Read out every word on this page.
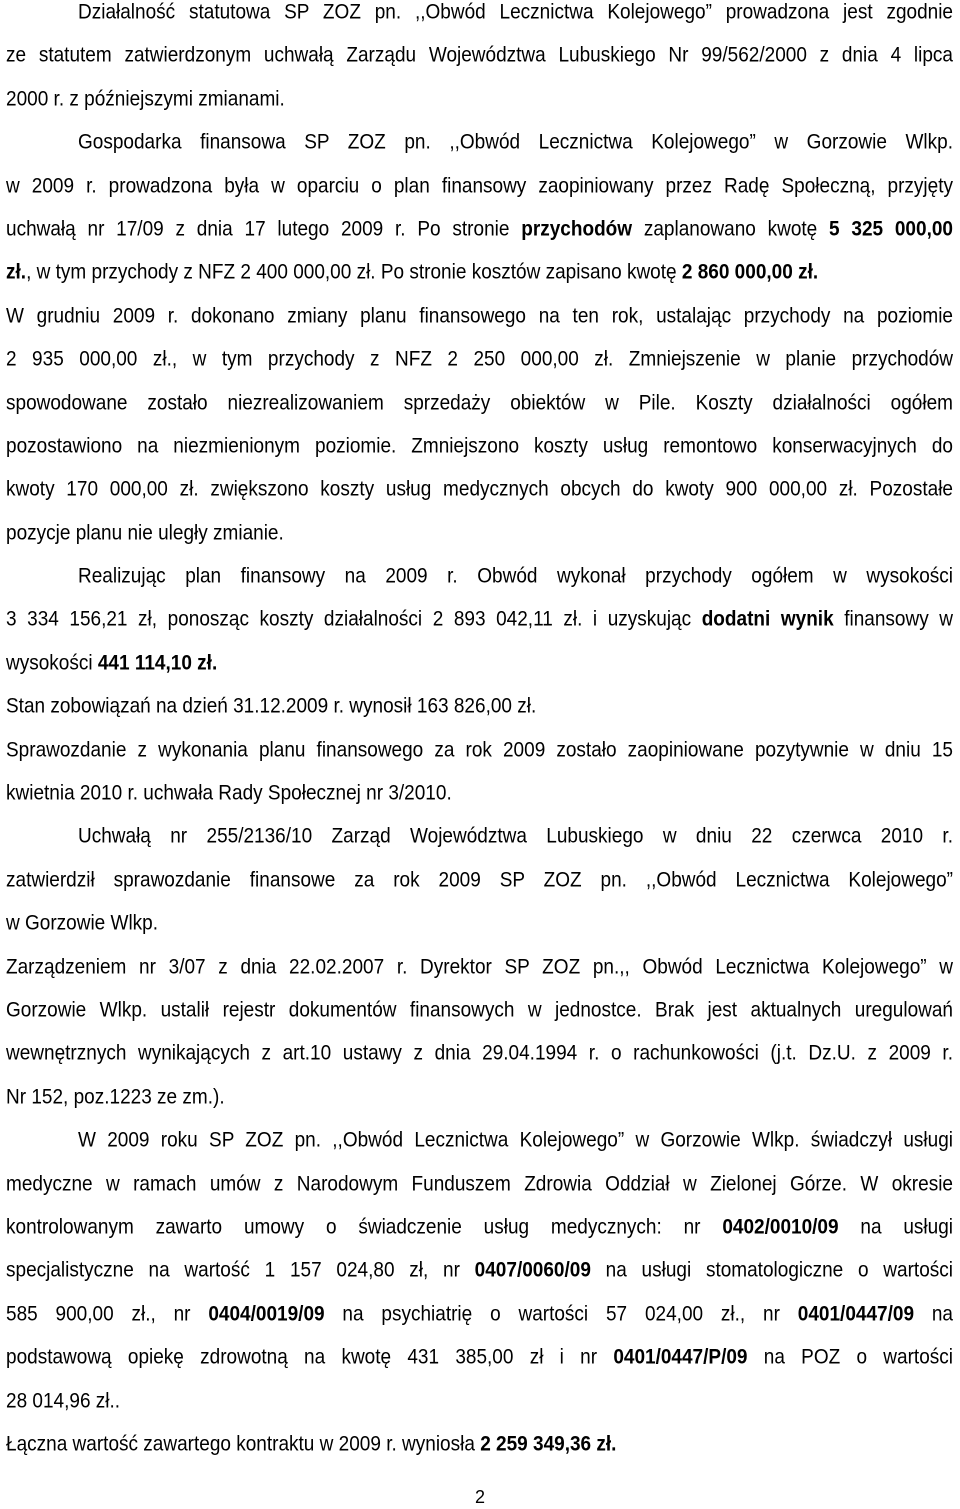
Działalność statutowa SP ZOZ pn. ,,Obwód Lecznictwa Kolejowego” prowadzona jest zgodnie
ze statutem zatwierdzonym uchwałą Zarządu Województwa Lubuskiego Nr 99/562/2000 z dnia 4 lipca
2000 r. z późniejszymi zmianami.
Gospodarka finansowa SP ZOZ pn. ,,Obwód Lecznictwa Kolejowego” w Gorzowie Wlkp.
w 2009 r. prowadzona była w oparciu o plan finansowy zaopiniowany przez Radę Społeczną, przyjęty
uchwałą nr 17/09 z dnia 17 lutego 2009 r. Po stronie przychodów zaplanowano kwotę 5 325 000,00
zł., w tym przychody z NFZ 2 400 000,00 zł. Po stronie kosztów zapisano kwotę 2 860 000,00 zł.
W grudniu 2009 r. dokonano zmiany planu finansowego na ten rok, ustalając przychody na poziomie
2 935 000,00 zł., w tym przychody z NFZ 2 250 000,00 zł. Zmniejszenie w planie przychodów
spowodowane zostało niezrealizowaniem sprzedaży obiektów w Pile. Koszty działalności ogółem
pozostawiono na niezmienionym poziomie. Zmniejszono koszty usług remontowo konserwacyjnych do
kwoty 170 000,00 zł. zwiększono koszty usług medycznych obcych do kwoty 900 000,00 zł. Pozostałe
pozycje planu nie uległy zmianie.
Realizując plan finansowy na 2009 r. Obwód wykonał przychody ogółem w wysokości
3 334 156,21 zł, ponosząc koszty działalności 2 893 042,11 zł. i uzyskując dodatni wynik finansowy w
wysokości 441 114,10 zł.
Stan zobowiązań na dzień 31.12.2009 r. wynosił 163 826,00 zł.
Sprawozdanie z wykonania planu finansowego za rok 2009 zostało zaopiniowane pozytywnie w dniu 15
kwietnia 2010 r. uchwała Rady Społecznej nr 3/2010.
Uchwałą nr 255/2136/10 Zarząd Województwa Lubuskiego w dniu 22 czerwca 2010 r.
zatwierdził sprawozdanie finansowe za rok 2009 SP ZOZ pn. ,,Obwód Lecznictwa Kolejowego”
w Gorzowie Wlkp.
Zarządzeniem nr 3/07 z dnia 22.02.2007 r. Dyrektor SP ZOZ pn.,, Obwód Lecznictwa Kolejowego” w
Gorzowie Wlkp. ustalił rejestr dokumentów finansowych w jednostce. Brak jest aktualnych uregulowań
wewnętrznych wynikających z art.10 ustawy z dnia 29.04.1994 r. o rachunkowości (j.t. Dz.U. z 2009 r.
Nr 152, poz.1223 ze zm.).
W 2009 roku SP ZOZ pn. ,,Obwód Lecznictwa Kolejowego” w Gorzowie Wlkp. świadczył usługi
medyczne w ramach umów z Narodowym Funduszem Zdrowia Oddział w Zielonej Górze. W okresie
kontrolowanym zawarto umowy o świadczenie usług medycznych: nr 0402/0010/09 na usługi
specjalistyczne na wartość 1 157 024,80 zł, nr 0407/0060/09 na usługi stomatologiczne o wartości
585 900,00 zł., nr 0404/0019/09 na psychiatrię o wartości 57 024,00 zł., nr 0401/0447/09 na
podstawową opiekę zdrowotną na kwotę 431 385,00 zł i nr 0401/0447/P/09 na POZ o wartości
28 014,96 zł..
Łączna wartość zawartego kontraktu w 2009 r. wyniosła 2 259 349,36 zł.
2
